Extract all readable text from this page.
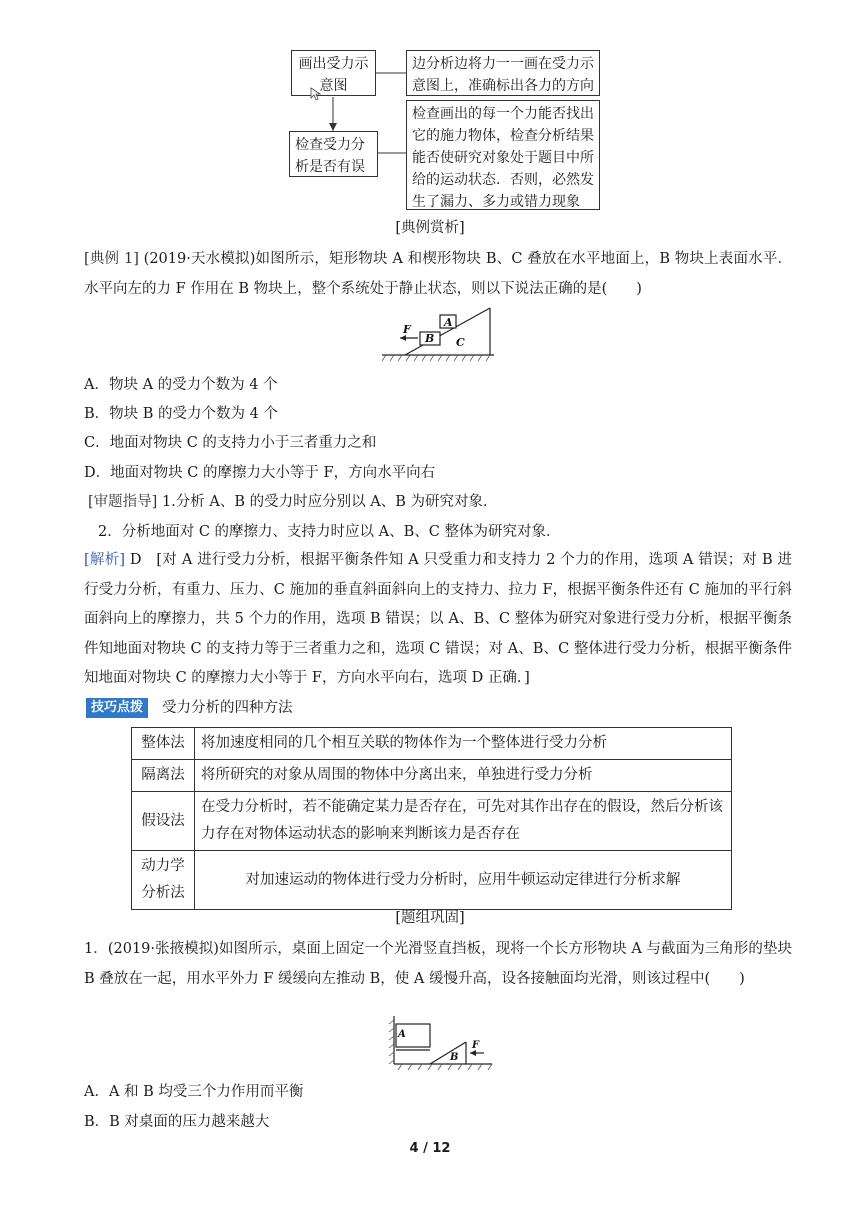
画出受力示意图
边分析边将力一一画在受力示意图上，准确标出各力的方向
检查受力分析是否有误
检查画出的每一个力能否找出它的施力物体，检查分析结果能否使研究对象处于题目中所给的运动状态．否则，必然发生了漏力、多力或错力现象
[典例赏析]
[典例 1] (2019·天水模拟)如图所示，矩形物块 A 和楔形物块 B、C 叠放在水平地面上，B 物块上表面水平．水平向左的力 F 作用在 B 物块上，整个系统处于静止状态，则以下说法正确的是(　　)
F
A
B C
A．物块 A 的受力个数为 4 个
B．物块 B 的受力个数为 4 个
C．地面对物块 C 的支持力小于三者重力之和
D．地面对物块 C 的摩擦力大小等于 F，方向水平向右
[审题指导] 1.分析 A、B 的受力时应分别以 A、B 为研究对象．
2．分析地面对 C 的摩擦力、支持力时应以 A、B、C 整体为研究对象．
[解析] D　[对 A 进行受力分析，根据平衡条件知 A 只受重力和支持力 2 个力的作用，选项 A 错误；对 B 进行受力分析，有重力、压力、C 施加的垂直斜面斜向上的支持力、拉力 F，根据平衡条件还有 C 施加的平行斜面斜向上的摩擦力，共 5 个力的作用，选项 B 错误；以 A、B、C 整体为研究对象进行受力分析，根据平衡条件知地面对物块 C 的支持力等于三者重力之和，选项 C 错误；对 A、B、C 整体进行受力分析，根据平衡条件知地面对物块 C 的摩擦力大小等于 F，方向水平向右，选项 D 正确．]
技巧点拨	受力分析的四种方法
整体法	将加速度相同的几个相互关联的物体作为一个整体进行受力分析
隔离法	将所研究的对象从周围的物体中分离出来，单独进行受力分析
假设法	在受力分析时，若不能确定某力是否存在，可先对其作出存在的假设，然后分析该力存在对物体运动状态的影响来判断该力是否存在
动力学分析法	对加速运动的物体进行受力分析时，应用牛顿运动定律进行分析求解
[题组巩固]
1．(2019·张掖模拟)如图所示，桌面上固定一个光滑竖直挡板，现将一个长方形物块 A 与截面为三角形的垫块 B 叠放在一起，用水平外力 F 缓缓向左推动 B，使 A 缓慢升高，设各接触面均光滑，则该过程中(　　)
A
B
F
A．A 和 B 均受三个力作用而平衡
B．B 对桌面的压力越来越大
4 / 12
